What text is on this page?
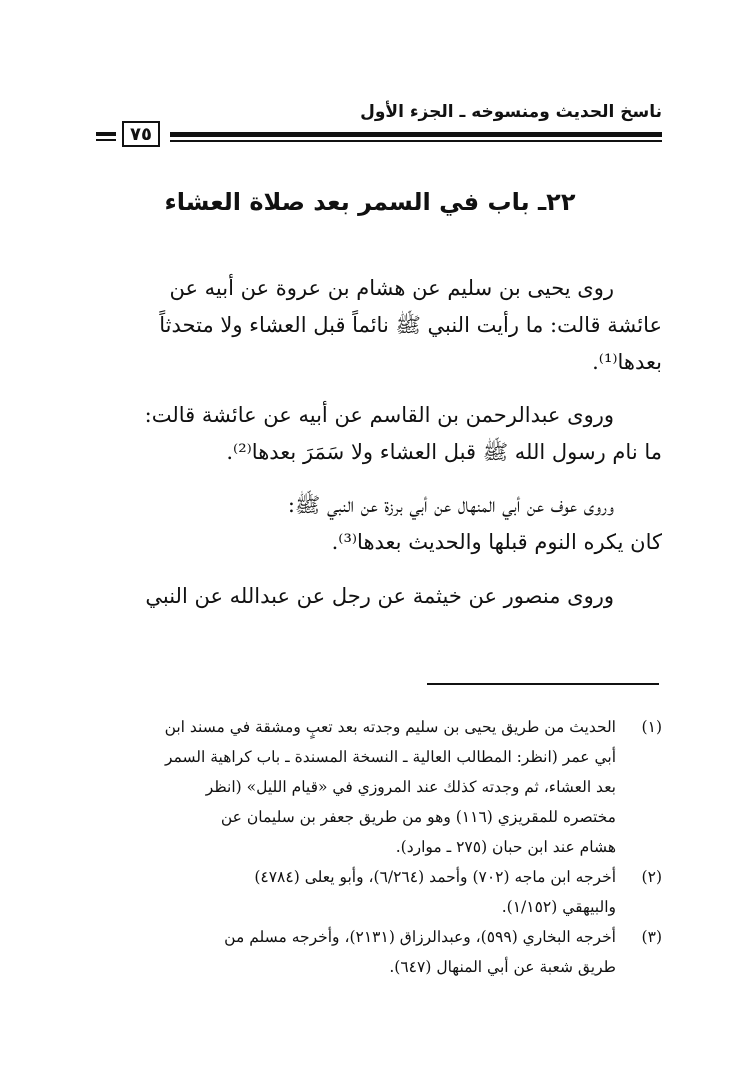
ناسخ الحديث ومنسوخه ـ الجزء الأول
٧٥
٢٢ـ باب في السمر بعد صلاة العشاء
روى يحيى بن سليم عن هشام بن عروة عن أبيه عن
عائشة قالت: ما رأيت النبي ﷺ نائماً قبل العشاء ولا متحدثاً
بعدها⁽¹⁾.
وروى عبدالرحمن بن القاسم عن أبيه عن عائشة قالت:
ما نام رسول الله ﷺ قبل العشاء ولا سَمَرَ بعدها⁽²⁾.
وروى عوف عن أبي المنهال عن أبي برزة عن النبي ﷺ:
كان يكره النوم قبلها والحديث بعدها⁽³⁾.
وروى منصور عن خيثمة عن رجل عن عبدالله عن النبي
(١)
الحديث من طريق يحيى بن سليم وجدته بعد تعبٍ ومشقة في مسند ابن
أبي عمر (انظر: المطالب العالية ـ النسخة المسندة ـ باب كراهية السمر
بعد العشاء، ثم وجدته كذلك عند المروزي في «قيام الليل» (انظر
مختصره للمقريزي (١١٦) وهو من طريق جعفر بن سليمان عن
هشام عند ابن حبان (٢٧٥ ـ موارد).
(٢)
أخرجه ابن ماجه (٧٠٢) وأحمد (٦/٢٦٤)، وأبو يعلى (٤٧٨٤)
والبيهقي (١/١٥٢).
(٣)
أخرجه البخاري (٥٩٩)، وعبدالرزاق (٢١٣١)، وأخرجه مسلم من
طريق شعبة عن أبي المنهال (٦٤٧).
